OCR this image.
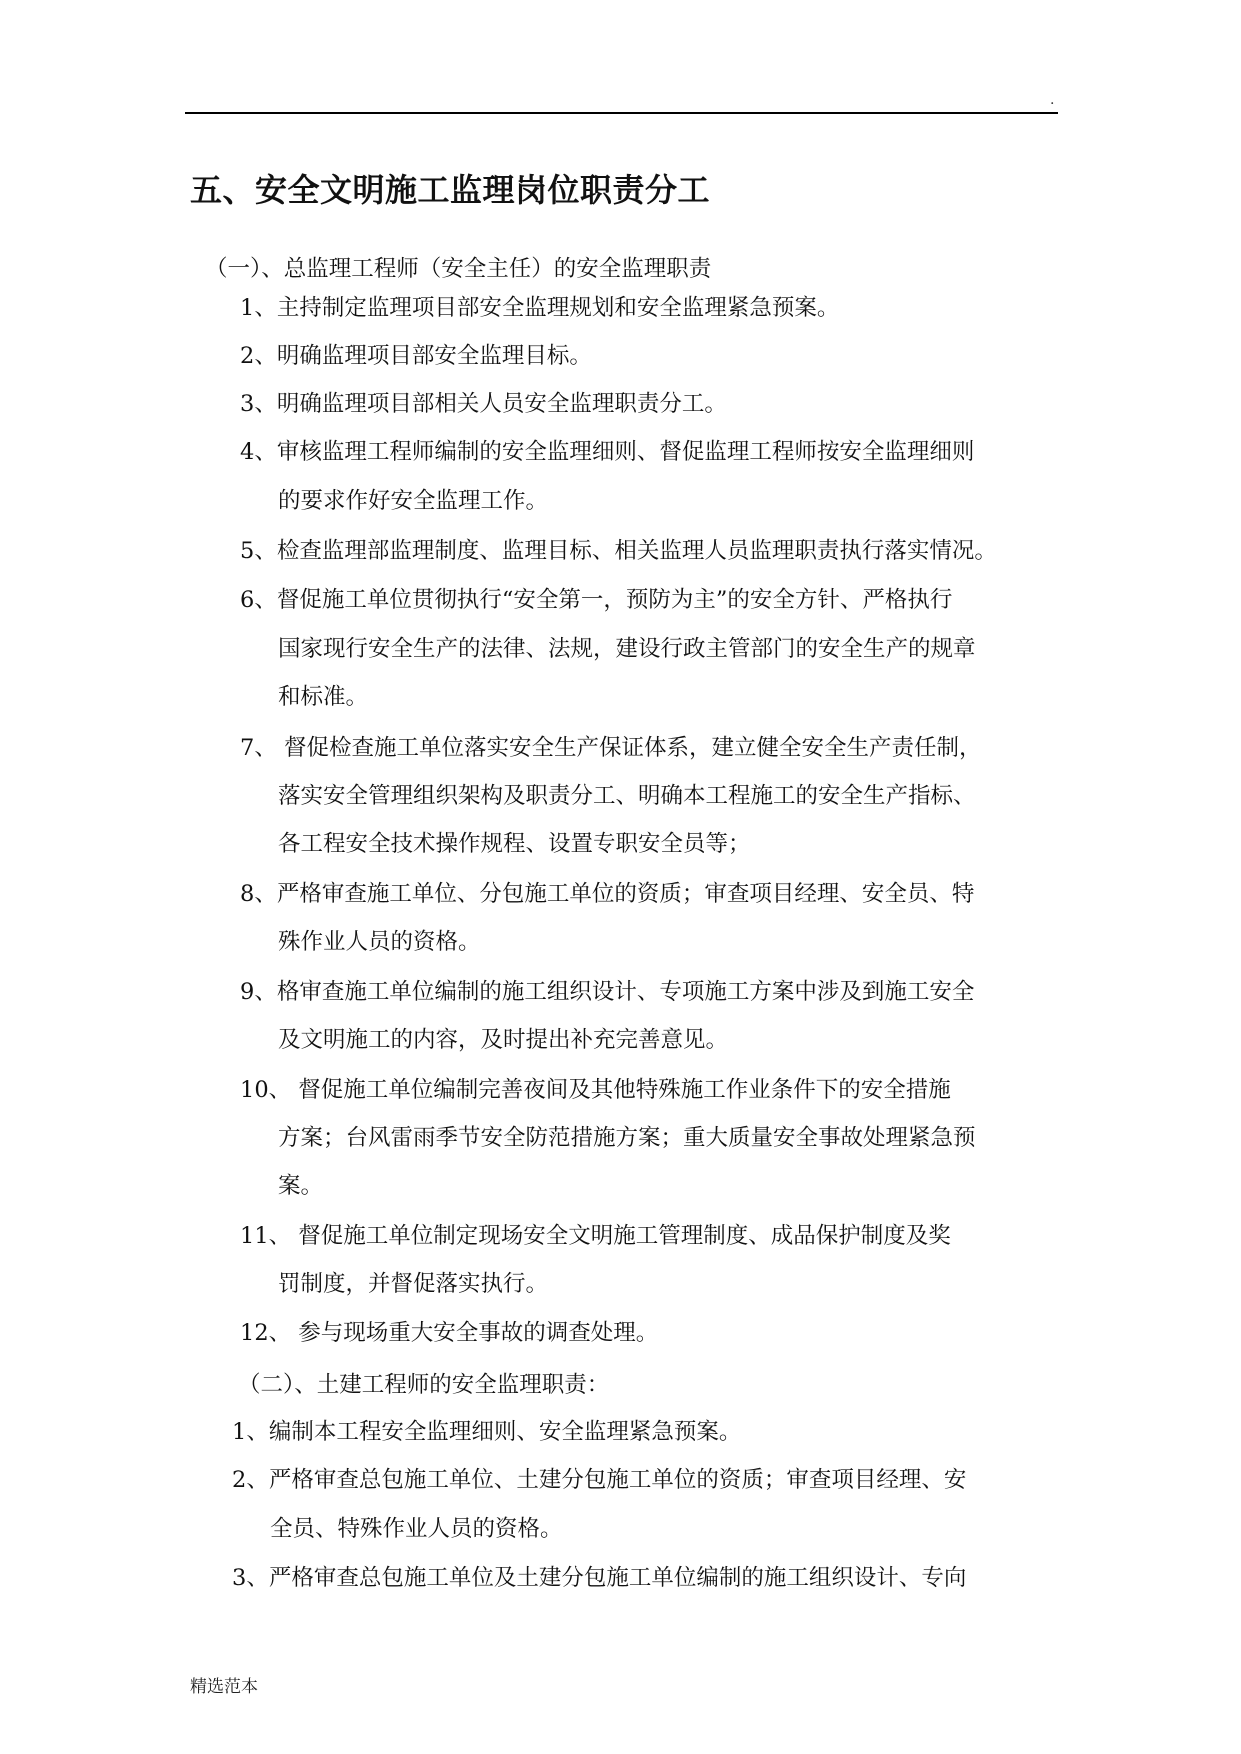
.
五、安全文明施工监理岗位职责分工
（一）、总监理工程师（安全主任）的安全监理职责
1、主持制定监理项目部安全监理规划和安全监理紧急预案。
2、明确监理项目部安全监理目标。
3、明确监理项目部相关人员安全监理职责分工。
4、审核监理工程师编制的安全监理细则、督促监理工程师按安全监理细则
的要求作好安全监理工作。
5、检查监理部监理制度、监理目标、相关监理人员监理职责执行落实情况。
6、督促施工单位贯彻执行“安全第一，预防为主”的安全方针、严格执行
国家现行安全生产的法律、法规，建设行政主管部门的安全生产的规章
和标准。
7、 督促检查施工单位落实安全生产保证体系，建立健全安全生产责任制，
落实安全管理组织架构及职责分工、明确本工程施工的安全生产指标、
各工程安全技术操作规程、设置专职安全员等；
8、严格审查施工单位、分包施工单位的资质；审查项目经理、安全员、特
殊作业人员的资格。
9、格审查施工单位编制的施工组织设计、专项施工方案中涉及到施工安全
及文明施工的内容，及时提出补充完善意见。
10、 督促施工单位编制完善夜间及其他特殊施工作业条件下的安全措施
方案；台风雷雨季节安全防范措施方案；重大质量安全事故处理紧急预
案。
11、 督促施工单位制定现场安全文明施工管理制度、成品保护制度及奖
罚制度，并督促落实执行。
12、 参与现场重大安全事故的调查处理。
（二）、土建工程师的安全监理职责：
1、编制本工程安全监理细则、安全监理紧急预案。
2、严格审查总包施工单位、土建分包施工单位的资质；审查项目经理、安
全员、特殊作业人员的资格。
3、严格审查总包施工单位及土建分包施工单位编制的施工组织设计、专向
精选范本
